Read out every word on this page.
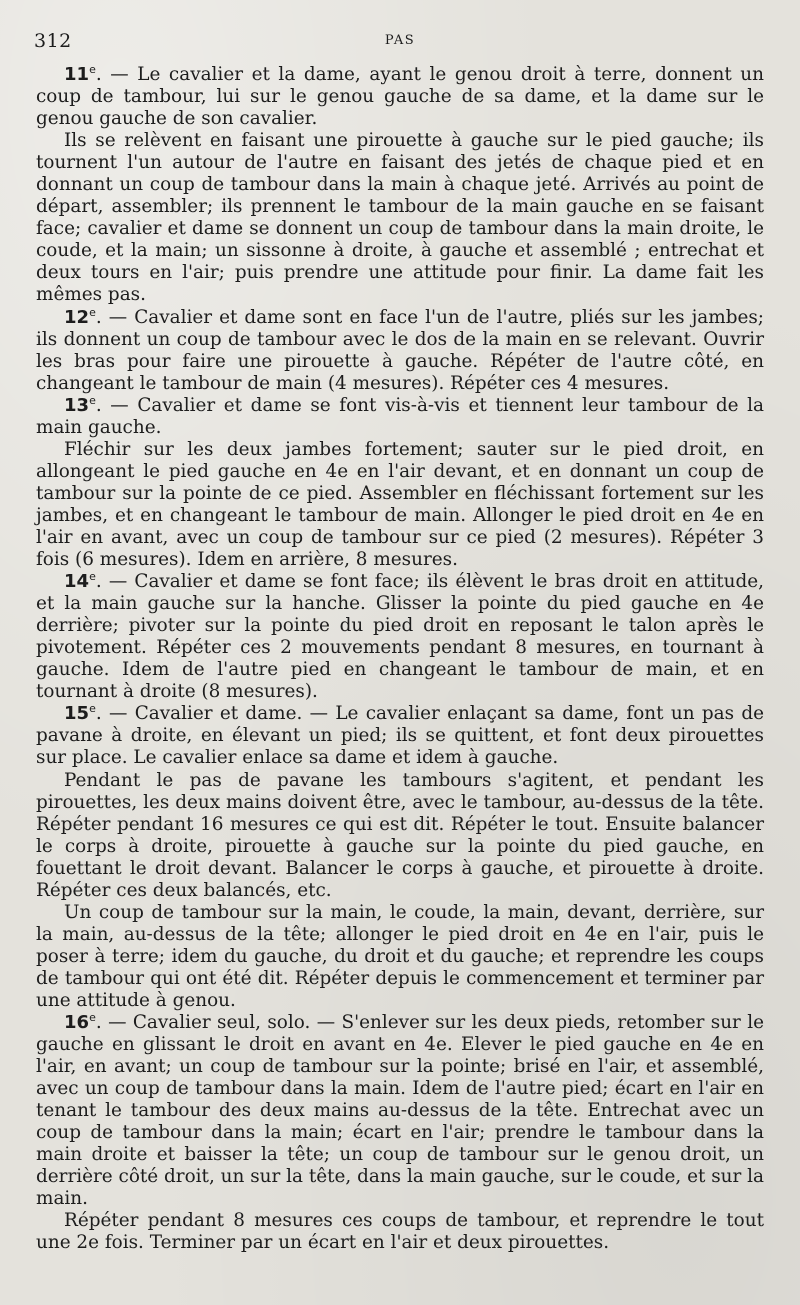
312	PAS

11e. — Le cavalier et la dame, ayant le genou droit à terre, donnent un coup de tambour, lui sur le genou gauche de sa dame, et la dame sur le genou gauche de son cavalier.

Ils se relèvent en faisant une pirouette à gauche sur le pied gauche; ils tournent l'un autour de l'autre en faisant des jetés de chaque pied et en donnant un coup de tambour dans la main à chaque jeté. Arrivés au point de départ, assembler; ils prennent le tambour de la main gauche en se faisant face; cavalier et dame se donnent un coup de tambour dans la main droite, le coude, et la main; un sissonne à droite, à gauche et assemblé ; entrechat et deux tours en l'air; puis prendre une attitude pour finir. La dame fait les mêmes pas.

12e. — Cavalier et dame sont en face l'un de l'autre, pliés sur les jambes; ils donnent un coup de tambour avec le dos de la main en se relevant. Ouvrir les bras pour faire une pirouette à gauche. Répéter de l'autre côté, en changeant le tambour de main (4 mesures). Répéter ces 4 mesures.

13e. — Cavalier et dame se font vis-à-vis et tiennent leur tambour de la main gauche.

Fléchir sur les deux jambes fortement; sauter sur le pied droit, en allongeant le pied gauche en 4e en l'air devant, et en donnant un coup de tambour sur la pointe de ce pied. Assembler en fléchissant fortement sur les jambes, et en changeant le tambour de main. Allonger le pied droit en 4e en l'air en avant, avec un coup de tambour sur ce pied (2 mesures). Répéter 3 fois (6 mesures). Idem en arrière, 8 mesures.

14e. — Cavalier et dame se font face; ils élèvent le bras droit en attitude, et la main gauche sur la hanche. Glisser la pointe du pied gauche en 4e derrière; pivoter sur la pointe du pied droit en reposant le talon après le pivotement. Répéter ces 2 mouvements pendant 8 mesures, en tournant à gauche. Idem de l'autre pied en changeant le tambour de main, et en tournant à droite (8 mesures).

15e. — Cavalier et dame. — Le cavalier enlaçant sa dame, font un pas de pavane à droite, en élevant un pied; ils se quittent, et font deux pirouettes sur place. Le cavalier enlace sa dame et idem à gauche.

Pendant le pas de pavane les tambours s'agitent, et pendant les pirouettes, les deux mains doivent être, avec le tambour, au-dessus de la tête. Répéter pendant 16 mesures ce qui est dit. Répéter le tout. Ensuite balancer le corps à droite, pirouette à gauche sur la pointe du pied gauche, en fouettant le droit devant. Balancer le corps à gauche, et pirouette à droite. Répéter ces deux balancés, etc.

Un coup de tambour sur la main, le coude, la main, devant, derrière, sur la main, au-dessus de la tête; allonger le pied droit en 4e en l'air, puis le poser à terre; idem du gauche, du droit et du gauche; et reprendre les coups de tambour qui ont été dit. Répéter depuis le commencement et terminer par une attitude à genou.

16e. — Cavalier seul, solo. — S'enlever sur les deux pieds, retomber sur le gauche en glissant le droit en avant en 4e. Elever le pied gauche en 4e en l'air, en avant; un coup de tambour sur la pointe; brisé en l'air, et assemblé, avec un coup de tambour dans la main. Idem de l'autre pied; écart en l'air en tenant le tambour des deux mains au-dessus de la tête. Entrechat avec un coup de tambour dans la main; écart en l'air; prendre le tambour dans la main droite et baisser la tête; un coup de tambour sur le genou droit, un derrière côté droit, un sur la tête, dans la main gauche, sur le coude, et sur la main.

Répéter pendant 8 mesures ces coups de tambour, et reprendre le tout une 2e fois. Terminer par un écart en l'air et deux pirouettes.
